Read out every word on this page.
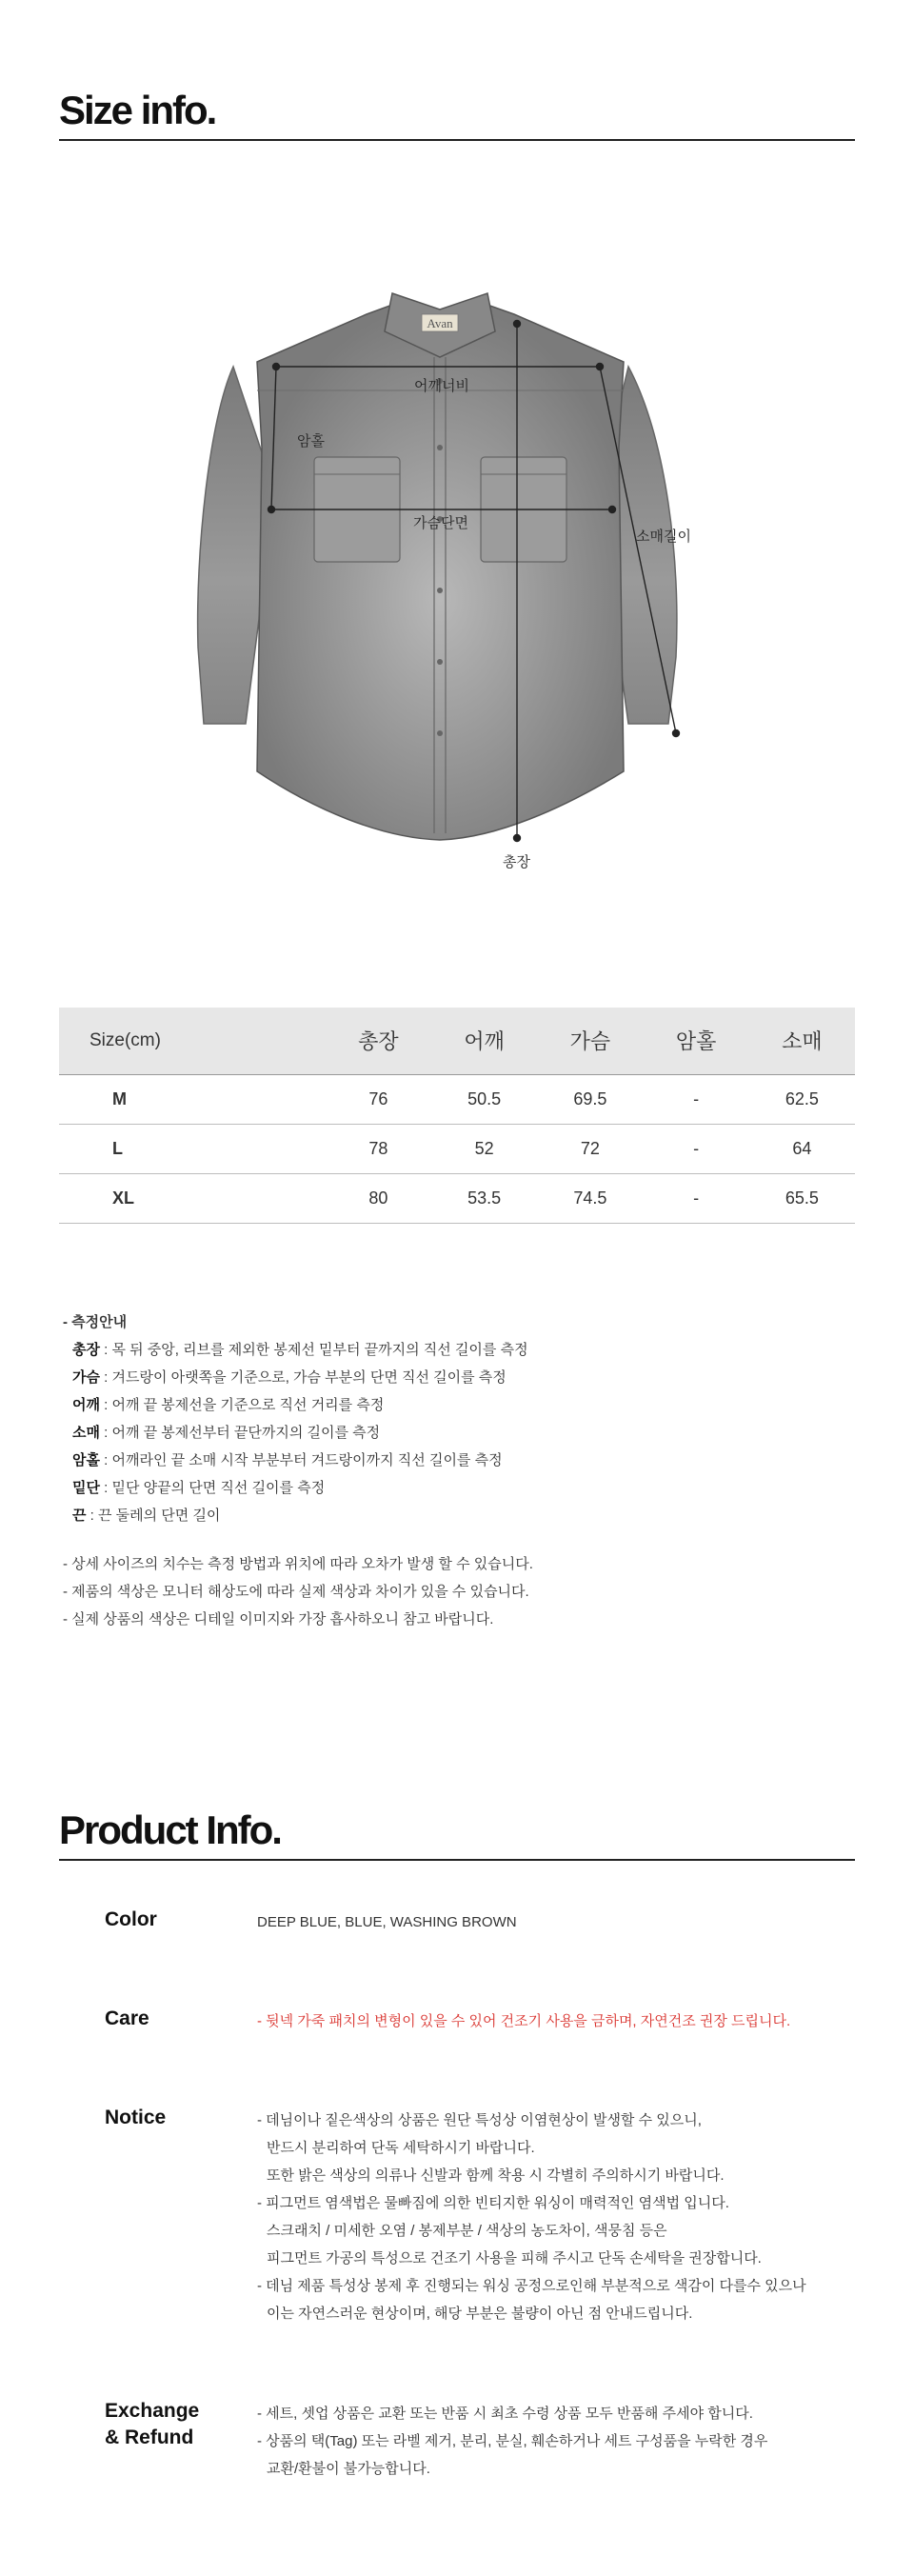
Size info.
Avan
어깨너비
암홀
가슴단면
소매길이
총장
Size(cm)	총장	어깨	가슴	암홀	소매
M	76	50.5	69.5	-	62.5
L	78	52	72	-	64
XL	80	53.5	74.5	-	65.5
- 측정안내
총장 : 목 뒤 중앙, 리브를 제외한 봉제선 밑부터 끝까지의 직선 길이를 측정
가슴 : 겨드랑이 아랫쪽을 기준으로, 가슴 부분의 단면 직선 길이를 측정
어깨 : 어깨 끝 봉제선을 기준으로 직선 거리를 측정
소매 : 어깨 끝 봉제선부터 끝단까지의 길이를 측정
암홀 : 어깨라인 끝 소매 시작 부분부터 겨드랑이까지 직선 길이를 측정
밑단 : 밑단 양끝의 단면 직선 길이를 측정
끈 : 끈 둘레의 단면 길이
- 상세 사이즈의 치수는 측정 방법과 위치에 따라 오차가 발생 할 수 있습니다.
- 제품의 색상은 모니터 해상도에 따라 실제 색상과 차이가 있을 수 있습니다.
- 실제 상품의 색상은 디테일 이미지와 가장 흡사하오니 참고 바랍니다.
Product Info.
Color	DEEP BLUE, BLUE, WASHING BROWN
Care	- 뒷넥 가죽 패치의 변형이 있을 수 있어 건조기 사용을 금하며, 자연건조 권장 드립니다.
Notice	- 데님이나 짙은색상의 상품은 원단 특성상 이염현상이 발생할 수 있으니,
반드시 분리하여 단독 세탁하시기 바랍니다.
또한 밝은 색상의 의류나 신발과 함께 착용 시 각별히 주의하시기 바랍니다.
- 피그먼트 염색법은 물빠짐에 의한 빈티지한 워싱이 매력적인 염색법 입니다.
스크래치 / 미세한 오염 / 봉제부분 / 색상의 농도차이, 색뭉침 등은
피그먼트 가공의 특성으로 건조기 사용을 피해 주시고 단독 손세탁을 권장합니다.
- 데님 제품 특성상 봉제 후 진행되는 워싱 공정으로인해 부분적으로 색감이 다를수 있으나
이는 자연스러운 현상이며, 해당 부분은 불량이 아닌 점 안내드립니다.
Exchange
& Refund
- 세트, 셋업 상품은 교환 또는 반품 시 최초 수령 상품 모두 반품해 주세야 합니다.
- 상품의 택(Tag) 또는 라벨 제거, 분리, 분실, 훼손하거나 세트 구성품을 누락한 경우
교환/환불이 불가능합니다.
